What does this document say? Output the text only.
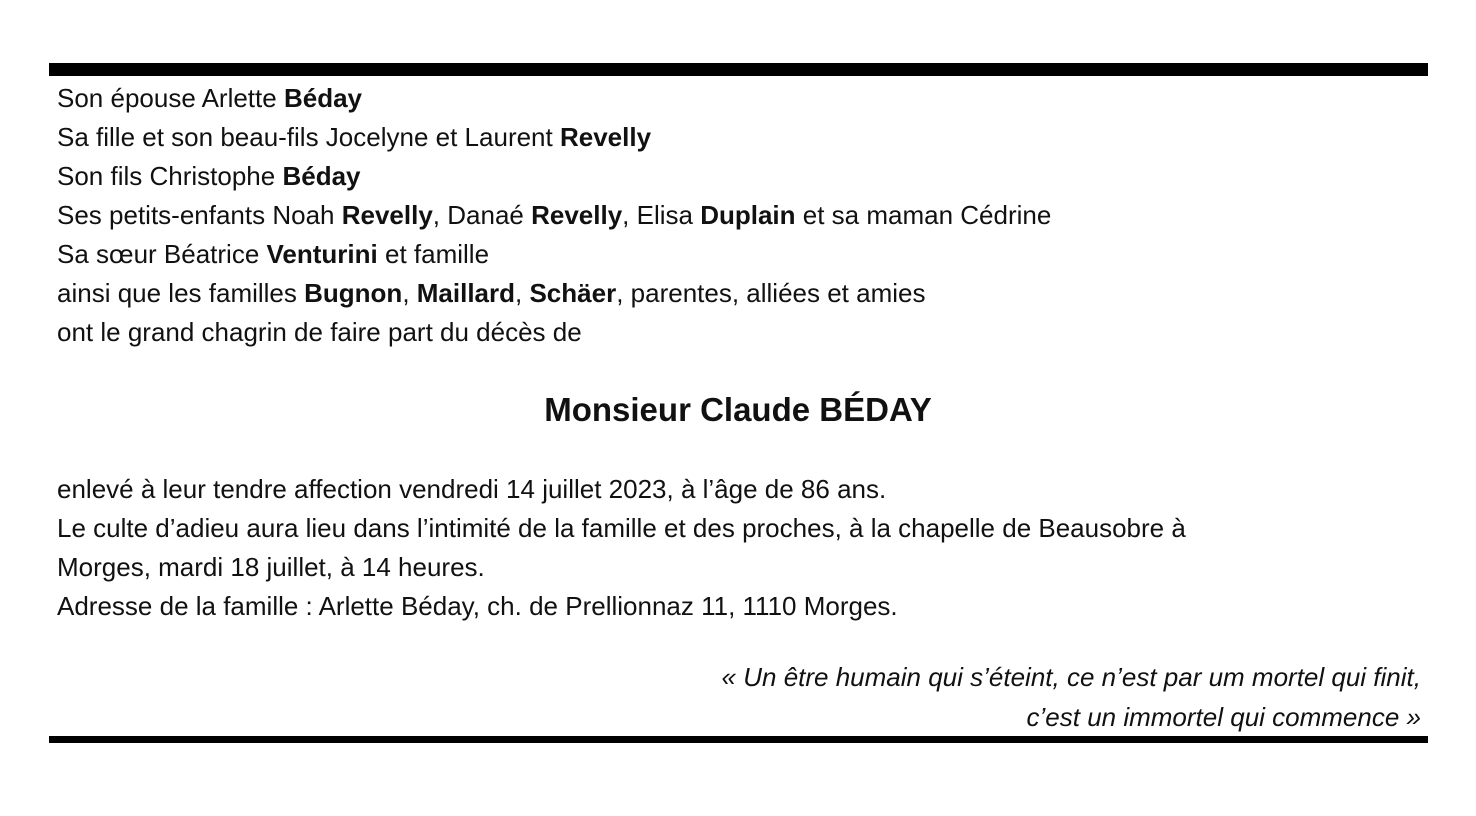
Son épouse Arlette Béday
Sa fille et son beau-fils Jocelyne et Laurent Revelly
Son fils Christophe Béday
Ses petits-enfants Noah Revelly, Danaé Revelly, Elisa Duplain et sa maman Cédrine
Sa sœur Béatrice Venturini et famille
ainsi que les familles Bugnon, Maillard, Schäer, parentes, alliées et amies
ont le grand chagrin de faire part du décès de
Monsieur Claude BÉDAY
enlevé à leur tendre affection vendredi 14 juillet 2023, à l’âge de 86 ans.
Le culte d’adieu aura lieu dans l’intimité de la famille et des proches, à la chapelle de Beausobre à
Morges, mardi 18 juillet, à 14 heures.
Adresse de la famille : Arlette Béday, ch. de Prellionnaz 11, 1110 Morges.
« Un être humain qui s’éteint, ce n’est par um mortel qui finit,
c’est un immortel qui commence »
